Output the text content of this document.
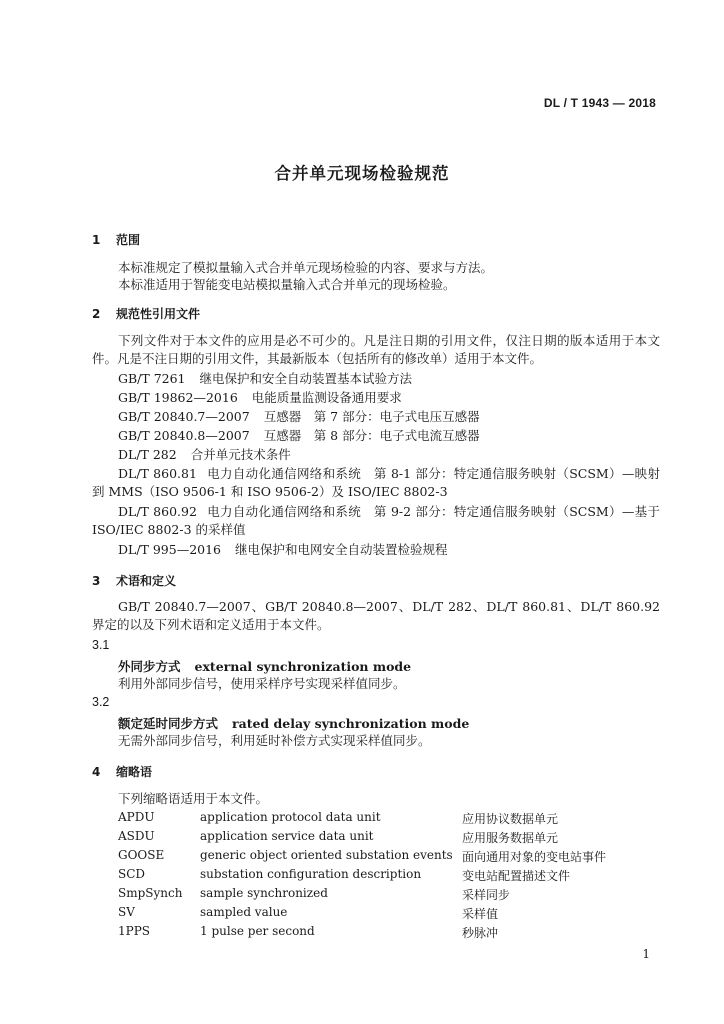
DL / T 1943 — 2018
合并单元现场检验规范
1 范围
本标准规定了模拟量输入式合并单元现场检验的内容、要求与方法。
本标准适用于智能变电站模拟量输入式合并单元的现场检验。
2 规范性引用文件
下列文件对于本文件的应用是必不可少的。凡是注日期的引用文件，仅注日期的版本适用于本文件。凡是不注日期的引用文件，其最新版本（包括所有的修改单）适用于本文件。
GB/T 7261 继电保护和安全自动装置基本试验方法
GB/T 19862—2016 电能质量监测设备通用要求
GB/T 20840.7—2007 互感器　第 7 部分：电子式电压互感器
GB/T 20840.8—2007 互感器　第 8 部分：电子式电流互感器
DL/T 282 合并单元技术条件
DL/T 860.81 电力自动化通信网络和系统　第 8-1 部分：特定通信服务映射（SCSM）—映射到 MMS（ISO 9506-1 和 ISO 9506-2）及 ISO/IEC 8802-3
DL/T 860.92 电力自动化通信网络和系统　第 9-2 部分：特定通信服务映射（SCSM）—基于 ISO/IEC 8802-3 的采样值
DL/T 995—2016 继电保护和电网安全自动装置检验规程
3 术语和定义
GB/T 20840.7—2007、GB/T 20840.8—2007、DL/T 282、DL/T 860.81、DL/T 860.92 界定的以及下列术语和定义适用于本文件。
3.1
外同步方式 external synchronization mode
利用外部同步信号，使用采样序号实现采样值同步。
3.2
额定延时同步方式 rated delay synchronization mode
无需外部同步信号，利用延时补偿方式实现采样值同步。
4 缩略语
下列缩略语适用于本文件。
APDU	application protocol data unit	应用协议数据单元
ASDU	application service data unit	应用服务数据单元
GOOSE	generic object oriented substation events 面向通用对象的变电站事件
SCD	substation configuration description	变电站配置描述文件
SmpSynch sample synchronized	采样同步
SV	sampled value	采样值
1PPS	1 pulse per second	秒脉冲
1
